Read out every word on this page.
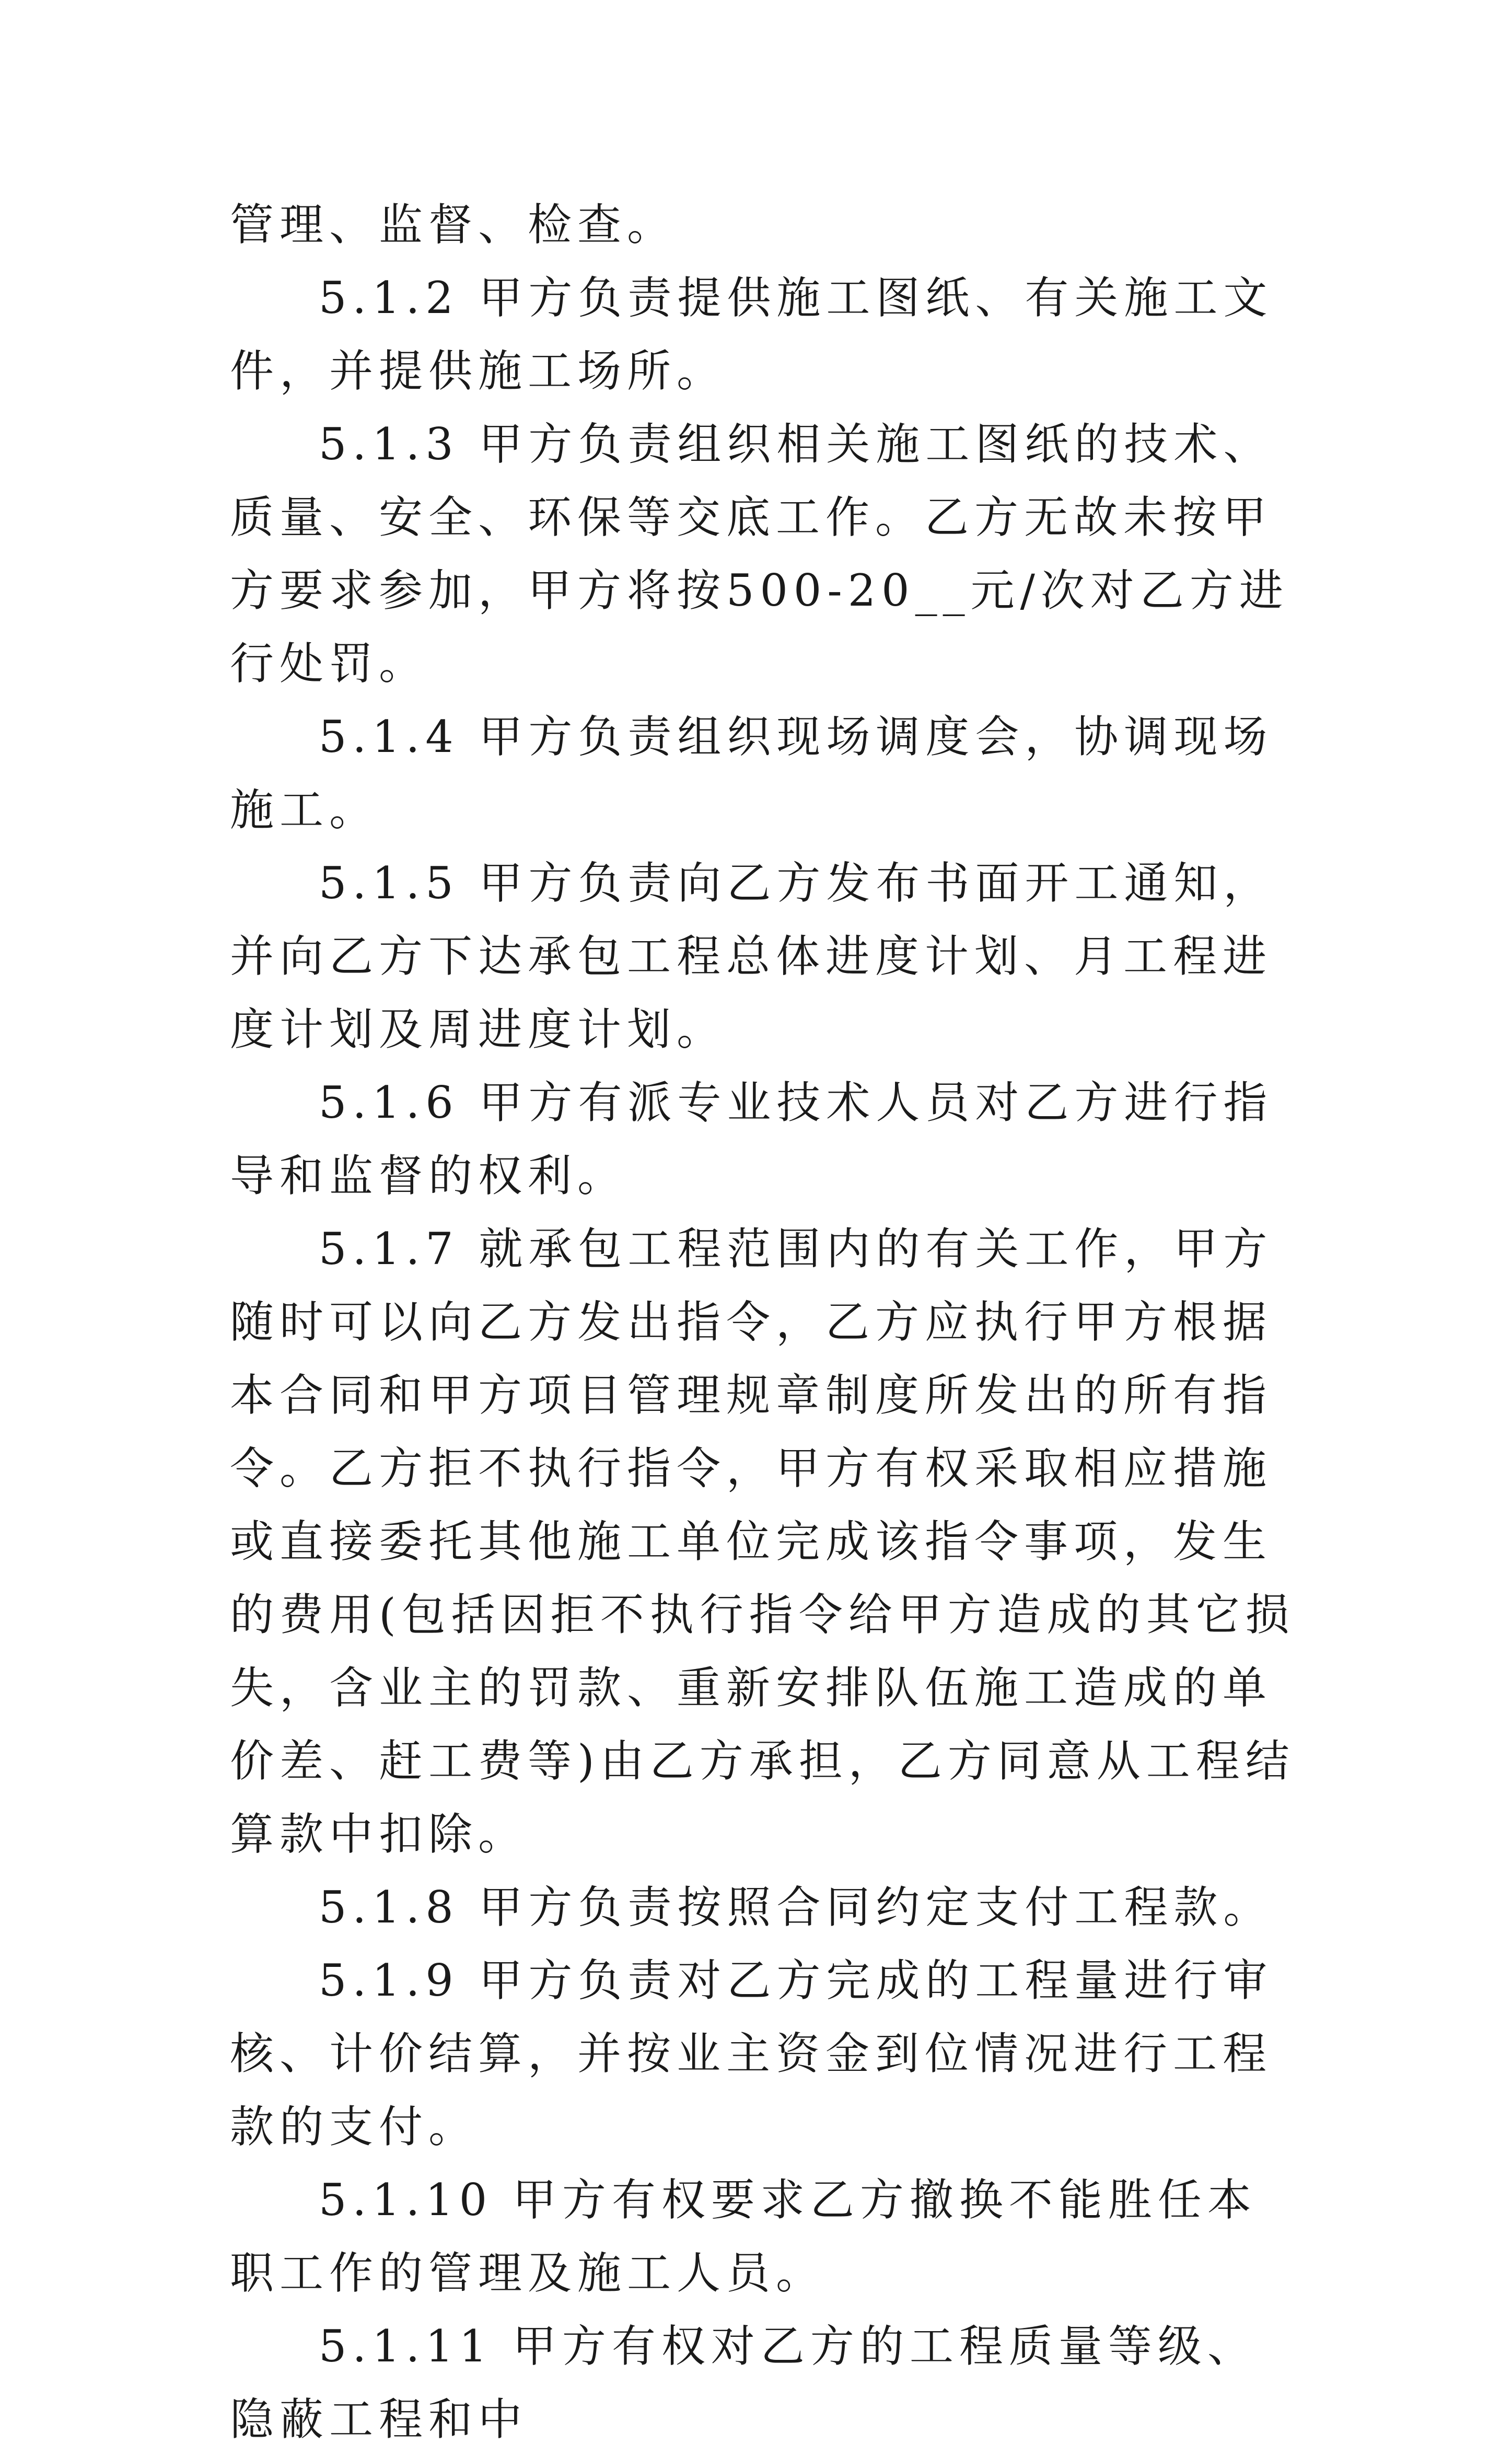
管理、监督、检查。

5.1.2 甲方负责提供施工图纸、有关施工文件，并提供施工场所。

5.1.3 甲方负责组织相关施工图纸的技术、质量、安全、环保等交底工作。乙方无故未按甲方要求参加，甲方将按500-20__元/次对乙方进行处罚。

5.1.4 甲方负责组织现场调度会，协调现场施工。

5.1.5 甲方负责向乙方发布书面开工通知，并向乙方下达承包工程总体进度计划、月工程进度计划及周进度计划。

5.1.6 甲方有派专业技术人员对乙方进行指导和监督的权利。

5.1.7 就承包工程范围内的有关工作，甲方随时可以向乙方发出指令，乙方应执行甲方根据本合同和甲方项目管理规章制度所发出的所有指令。乙方拒不执行指令，甲方有权采取相应措施或直接委托其他施工单位完成该指令事项，发生的费用(包括因拒不执行指令给甲方造成的其它损失，含业主的罚款、重新安排队伍施工造成的单价差、赶工费等)由乙方承担，乙方同意从工程结算款中扣除。

5.1.8 甲方负责按照合同约定支付工程款。

5.1.9 甲方负责对乙方完成的工程量进行审核、计价结算，并按业主资金到位情况进行工程款的支付。

5.1.10 甲方有权要求乙方撤换不能胜任本职工作的管理及施工人员。

5.1.11 甲方有权对乙方的工程质量等级、隐蔽工程和中
